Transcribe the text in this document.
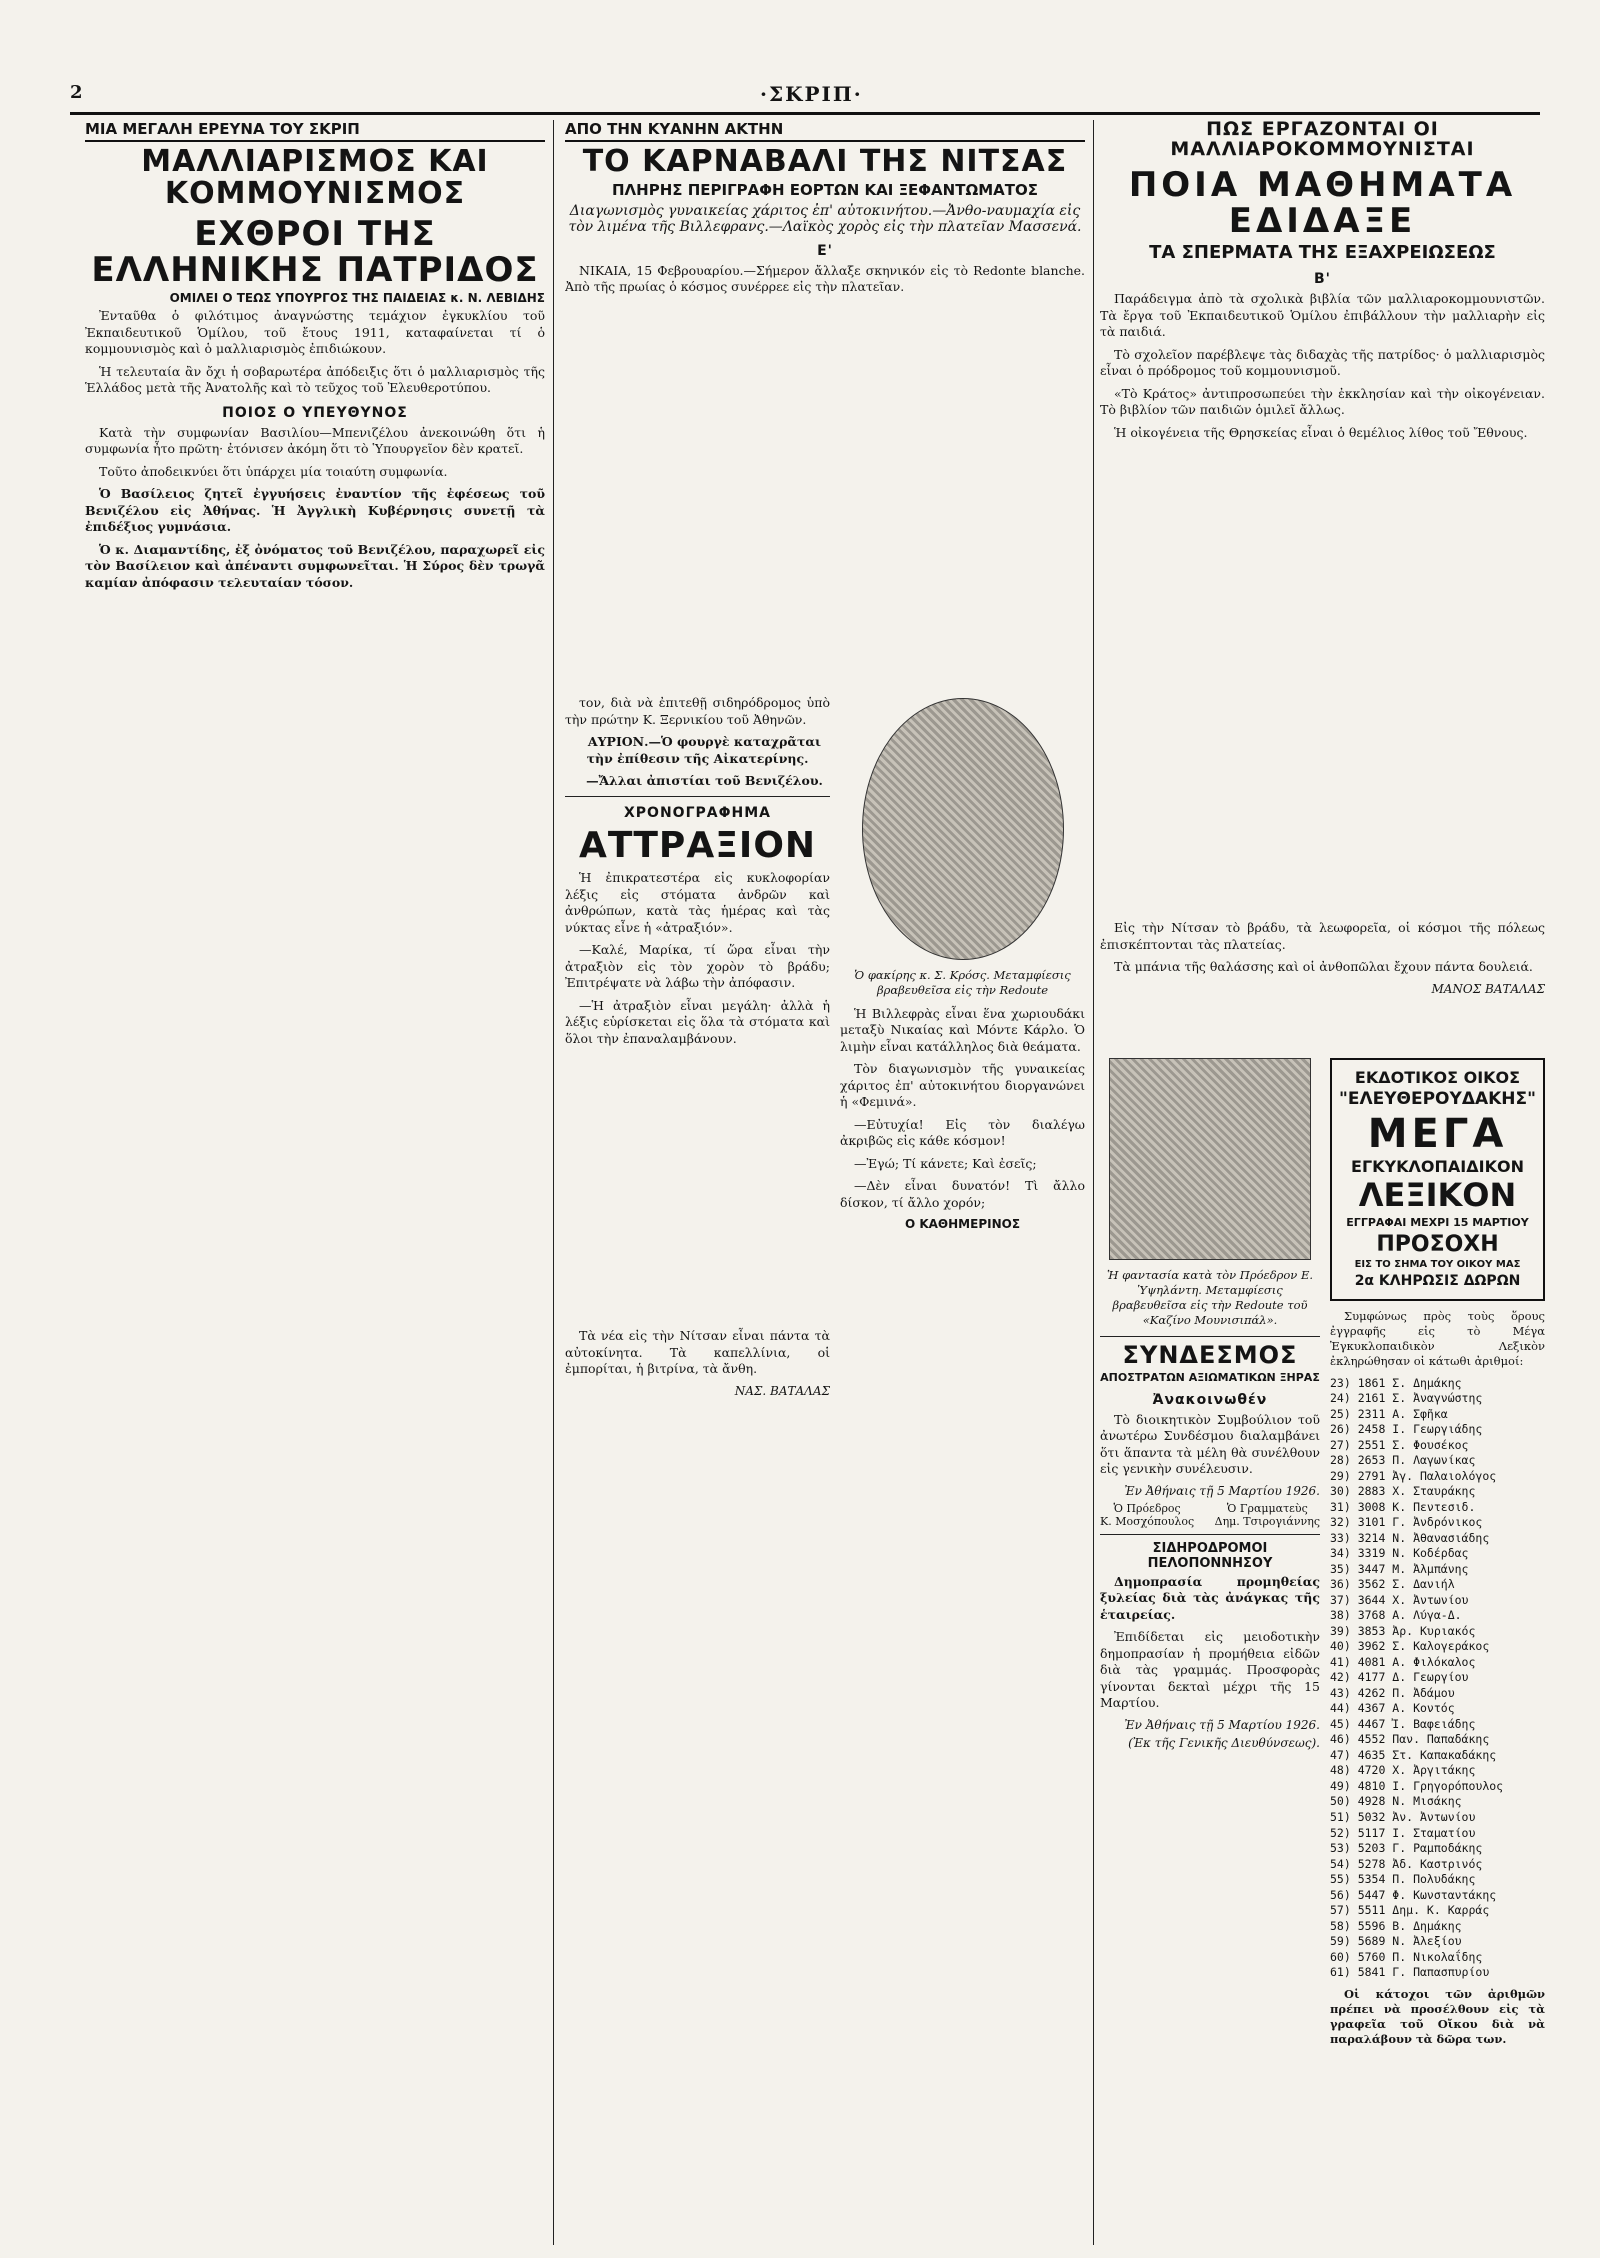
2	·ΣΚΡΙΠ·
ΜΙΑ ΜΕΓΑΛΗ ΕΡΕΥΝΑ ΤΟΥ ΣΚΡΙΠ
ΜΑΛΛΙΑΡΙΣΜΟΣ ΚΑΙ ΚΟΜΜΟΥΝΙΣΜΟΣ
ΕΧΘΡΟΙ ΤΗΣ ΕΛΛΗΝΙΚΗΣ ΠΑΤΡΙΔΟΣ
ΟΜΙΛΕΙ Ο ΤΕΩΣ ΥΠΟΥΡΓΟΣ ΤΗΣ ΠΑΙΔΕΙΑΣ κ. Ν. ΛΕΒΙΔΗΣ

Ἐνταῦθα ὁ φιλότιμος ἀναγνώστης τεμάχιον ἐγκυκλίου τοῦ Ἐκπαιδευτικοῦ Ὁμίλου, τοῦ ἔτους 1911, καταφαίνεται τί ὁ κομμουνισμὸς καὶ ὁ μαλλιαρισμὸς ἐπιδιώκουν.

Ἡ τελευταία ἂν ὄχι ἡ σοβαρωτέρα ἀπόδειξις ὅτι ὁ μαλλιαρισμὸς τῆς Ἑλλάδος μετὰ τῆς Ἀνατολῆς καὶ τὸ τεῦχος τοῦ Ἐλευθεροτύπου.

ΠΟΙΟΣ Ο ΥΠΕΥΘΥΝΟΣ

Κατὰ τὴν συμφωνίαν Βασιλίου—Μπενιζέλου ἀνεκοινώθη ὅτι ἡ συμφωνία ἦτο πρῶτη· ἐτόνισεν ἀκόμη ὅτι τὸ Ὑπουργεῖον δὲν κρατεῖ.

Τοῦτο ἀποδεικνύει ὅτι ὑπάρχει μία τοιαύτη συμφωνία.

Ὁ Βασίλειος ζητεῖ ἐγγυήσεις ἐναντίον τῆς ἐφέσεως τοῦ Βενιζέλου εἰς Ἀθήνας. Ἡ Ἀγγλικὴ Κυβέρνησις συνετῇ τὰ ἐπιδέξιος γυμνάσια.

Ὁ κ. Διαμαντίδης, ἐξ ὀνόματος τοῦ Βενιζέλου, παραχωρεῖ εἰς τὸν Βασίλειον καὶ ἀπέναντι συμφωνεῖται. Ἡ Σύρος δὲν τρωγᾶ καμίαν ἀπόφασιν τελευταίαν τόσον.

τον, διὰ νὰ ἐπιτεθῇ σιδηρόδρομος ὑπὸ τὴν πρώτην Κ. Ξερνικίου τοῦ Ἀθηνῶν.

ΑΥΡΙΟΝ.—Ὁ φουργὲ καταχρᾶται τὴν ἐπίθεσιν τῆς Αἰκατερίνης.

—Ἄλλαι ἀπιστίαι τοῦ Βενιζέλου.

ΧΡΟΝΟΓΡΑΦΗΜΑ
ΑΤΤΡΑΞΙΟΝ

Ἡ ἐπικρατεστέρα εἰς κυκλοφορίαν λέξις εἰς στόματα ἀνδρῶν καὶ ἀνθρώπων, κατὰ τὰς ἡμέρας καὶ τὰς νύκτας εἶνε ἡ «ἀτραξιόν».

—Καλέ, Μαρίκα, τί ὥρα εἶναι τὴν ἀτραξιὸν εἰς τὸν χορὸν τὸ βράδυ; Ἐπιτρέψατε νὰ λάβω τὴν ἀπόφασιν.

—Ἡ ἀτραξιὸν εἶναι μεγάλη· ἀλλὰ ἡ λέξις εὑρίσκεται εἰς ὅλα τὰ στόματα καὶ ὅλοι τὴν ἐπαναλαμβάνουν.

ΑΠΟ ΤΗΝ ΚΥΑΝΗΝ ΑΚΤΗΝ
ΤΟ ΚΑΡΝΑΒΑΛΙ ΤΗΣ ΝΙΤΣΑΣ
ΠΛΗΡΗΣ ΠΕΡΙΓΡΑΦΗ ΕΟΡΤΩΝ ΚΑΙ ΞΕΦΑΝΤΩΜΑΤΟΣ
Διαγωνισμὸς γυναικείας χάριτος ἐπ' αὐτοκινήτου.—Ἀνθο-ναυμαχία εἰς τὸν λιμένα τῆς Βιλλεφρανς.—Λαϊκὸς χορὸς εἰς τὴν πλατεῖαν Μασσενά.
Ε'

ΝΙΚΑΙΑ, 15 Φεβρουαρίου.—Σήμερον ἄλλαξε σκηνικόν εἰς τὸ Redonte blanche. Ἀπὸ τῆς πρωίας ὁ κόσμος συνέρρεε εἰς τὴν πλατεῖαν.

Ὁ φακίρης κ. Σ. Κρόσς. Μεταμφίεσις βραβευθεῖσα εἰς τὴν Redoute

Ἡ Βιλλεφρὰς εἶναι ἕνα χωριουδάκι μεταξὺ Νικαίας καὶ Μόντε Κάρλο. Ὁ λιμὴν εἶναι κατάλληλος διὰ θεάματα.

Τὸν διαγωνισμὸν τῆς γυναικείας χάριτος ἐπ' αὐτοκινήτου διοργανώνει ἡ «Φεμινά».

—Εὐτυχία! Εἰς τὸν διαλέγω ἀκριβῶς εἰς κάθε κόσμον!

—Ἐγώ; Τί κάνετε; Καὶ ἐσεῖς;

—Δὲν εἶναι δυνατόν! Τὶ ἄλλο δίσκον, τί ἄλλο χορόν;

Ο ΚΑΘΗΜΕΡΙΝΟΣ
ΠΩΣ ΕΡΓΑΖΟΝΤΑΙ ΟΙ ΜΑΛΛΙΑΡΟΚΟΜΜΟΥΝΙΣΤΑΙ
ΠΟΙΑ ΜΑΘΗΜΑΤΑ ΕΔΙΔΑΞΕ
ΤΑ ΣΠΕΡΜΑΤΑ ΤΗΣ ΕΞΑΧΡΕΙΩΣΕΩΣ
Β'

Παράδειγμα ἀπὸ τὰ σχολικὰ βιβλία τῶν μαλλιαροκομμουνιστῶν. Τὰ ἔργα τοῦ Ἐκπαιδευτικοῦ Ὁμίλου ἐπιβάλλουν τὴν μαλλιαρὴν εἰς τὰ παιδιά.

Τὸ σχολεῖον παρέβλεψε τὰς διδαχὰς τῆς πατρίδος· ὁ μαλλιαρισμὸς εἶναι ὁ πρόδρομος τοῦ κομμουνισμοῦ.

«Τὸ Κράτος» ἀντιπροσωπεύει τὴν ἐκκλησίαν καὶ τὴν οἰκογένειαν. Τὸ βιβλίον τῶν παιδιῶν ὁμιλεῖ ἄλλως.

Ἡ οἰκογένεια τῆς Θρησκείας εἶναι ὁ θεμέλιος λίθος τοῦ Ἔθνους.

Ἡ φαντασία κατὰ τὸν Πρόεδρον Ε. Ὑψηλάντη. Μεταμφίεσις βραβευθεῖσα εἰς τὴν Redoute τοῦ «Καζίνο Μουνισιπάλ».
ΣΥΝΔΕΣΜΟΣ
ΑΠΟΣΤΡΑΤΩΝ ΑΞΙΩΜΑΤΙΚΩΝ ΞΗΡΑΣ
Ἀνακοινωθέν

Τὸ διοικητικὸν Συμβούλιον τοῦ ἀνωτέρω Συνδέσμου διαλαμβάνει ὅτι ἅπαντα τὰ μέλη θὰ συνέλθουν εἰς γενικὴν συνέλευσιν.

Ἐν Ἀθήναις τῇ 5 Μαρτίου 1926.
Ὁ Πρόεδρος
Κ. Μοσχόπουλος
Ὁ Γραμματεὺς
Δημ. Τσιρογιάννης
ΣΙΔΗΡΟΔΡΟΜΟΙ ΠΕΛΟΠΟΝΝΗΣΟΥ

Δημοπρασία προμηθείας ξυλείας διὰ τὰς ἀνάγκας τῆς ἑταιρείας.

Ἐπιδίδεται εἰς μειοδοτικὴν δημοπρασίαν ἡ προμήθεια εἰδῶν διὰ τὰς γραμμάς. Προσφορὰς γίνονται δεκταὶ μέχρι τῆς 15 Μαρτίου.

Ἐν Ἀθήναις τῇ 5 Μαρτίου 1926.
(Ἐκ τῆς Γενικῆς Διευθύνσεως).

Εἰς τὴν Νίτσαν τὸ βράδυ, τὰ λεωφορεῖα, οἱ κόσμοι τῆς πόλεως ἐπισκέπτονται τὰς πλατείας.

Τὰ μπάνια τῆς θαλάσσης καὶ οἱ ἀνθοπῶλαι ἔχουν πάντα δουλειά.

ΜΑΝΟΣ ΒΑΤΑΛΑΣ
ΕΚΔΟΤΙΚΟΣ ΟΙΚΟΣ
"ΕΛΕΥΘΕΡΟΥΔΑΚΗΣ"
ΜΕΓΑ
ΕΓΚΥΚΛΟΠΑΙΔΙΚΟΝ
ΛΕΞΙΚΟΝ
ΕΓΓΡΑΦΑΙ ΜΕΧΡΙ 15 ΜΑΡΤΙΟΥ
ΠΡΟΣΟΧΗ
ΕΙΣ ΤΟ ΣΗΜΑ ΤΟΥ ΟΙΚΟΥ ΜΑΣ
2α ΚΛΗΡΩΣΙΣ ΔΩΡΩΝ

Συμφώνως πρὸς τοὺς ὅρους ἐγγραφῆς εἰς τὸ Μέγα Ἐγκυκλοπαιδικὸν Λεξικὸν ἐκληρώθησαν οἱ κάτωθι ἀριθμοί:

23) 1861 Σ. Δημάκης
24) 2161 Σ. Ἀναγνώστης
25) 2311 Α. Σφῆκα
26) 2458 Ι. Γεωργιάδης
27) 2551 Σ. Φουσέκος
28) 2653 Π. Λαγωνίκας
29) 2791 Ἀγ. Παλαιολόγος
30) 2883 Χ. Σταυράκης
31) 3008 Κ. Πεντεσιδ.
32) 3101 Γ. Ἀνδρόνικος
33) 3214 Ν. Ἀθανασιάδης
34) 3319 Ν. Κοδέρδας
35) 3447 Μ. Ἀλμπάνης
36) 3562 Σ. Δανιήλ
37) 3644 Χ. Ἀντωνίου
38) 3768 Α. Λύγα-Δ.
39) 3853 Ἀρ. Κυριακός
40) 3962 Σ. Καλογεράκος
41) 4081 Α. Φιλόκαλος
42) 4177 Δ. Γεωργίου
43) 4262 Π. Ἀδάμου
44) 4367 Α. Κοντός
45) 4467 Ἰ. Βαφειάδης
46) 4552 Παν. Παπαδάκης
47) 4635 Στ. Καπακαδάκης
48) 4720 Χ. Ἀργιτάκης
49) 4810 Ι. Γρηγορόπουλος
50) 4928 Ν. Μισάκης
51) 5032 Ἀν. Ἀντωνίου
52) 5117 Ι. Σταματίου
53) 5203 Γ. Ραμποδάκης
54) 5278 Ἀδ. Καστρινός
55) 5354 Π. Πολυδάκης
56) 5447 Φ. Κωνσταντάκης
57) 5511 Δημ. Κ. Καρράς
58) 5596 Β. Δημάκης
59) 5689 Ν. Ἀλεξίου
60) 5760 Π. Νικολαΐδης
61) 5841 Γ. Παπασπυρίου

Οἱ κάτοχοι τῶν ἀριθμῶν πρέπει νὰ προσέλθουν εἰς τὰ γραφεῖα τοῦ Οἴκου διὰ νὰ παραλάβουν τὰ δῶρα των.

Τὰ νέα εἰς τὴν Νίτσαν εἶναι πάντα τὰ αὐτοκίνητα. Τὰ καπελλίνια, οἱ ἐμπορίται, ἡ βιτρίνα, τὰ ἄνθη.

ΝΑΣ. ΒΑΤΑΛΑΣ
